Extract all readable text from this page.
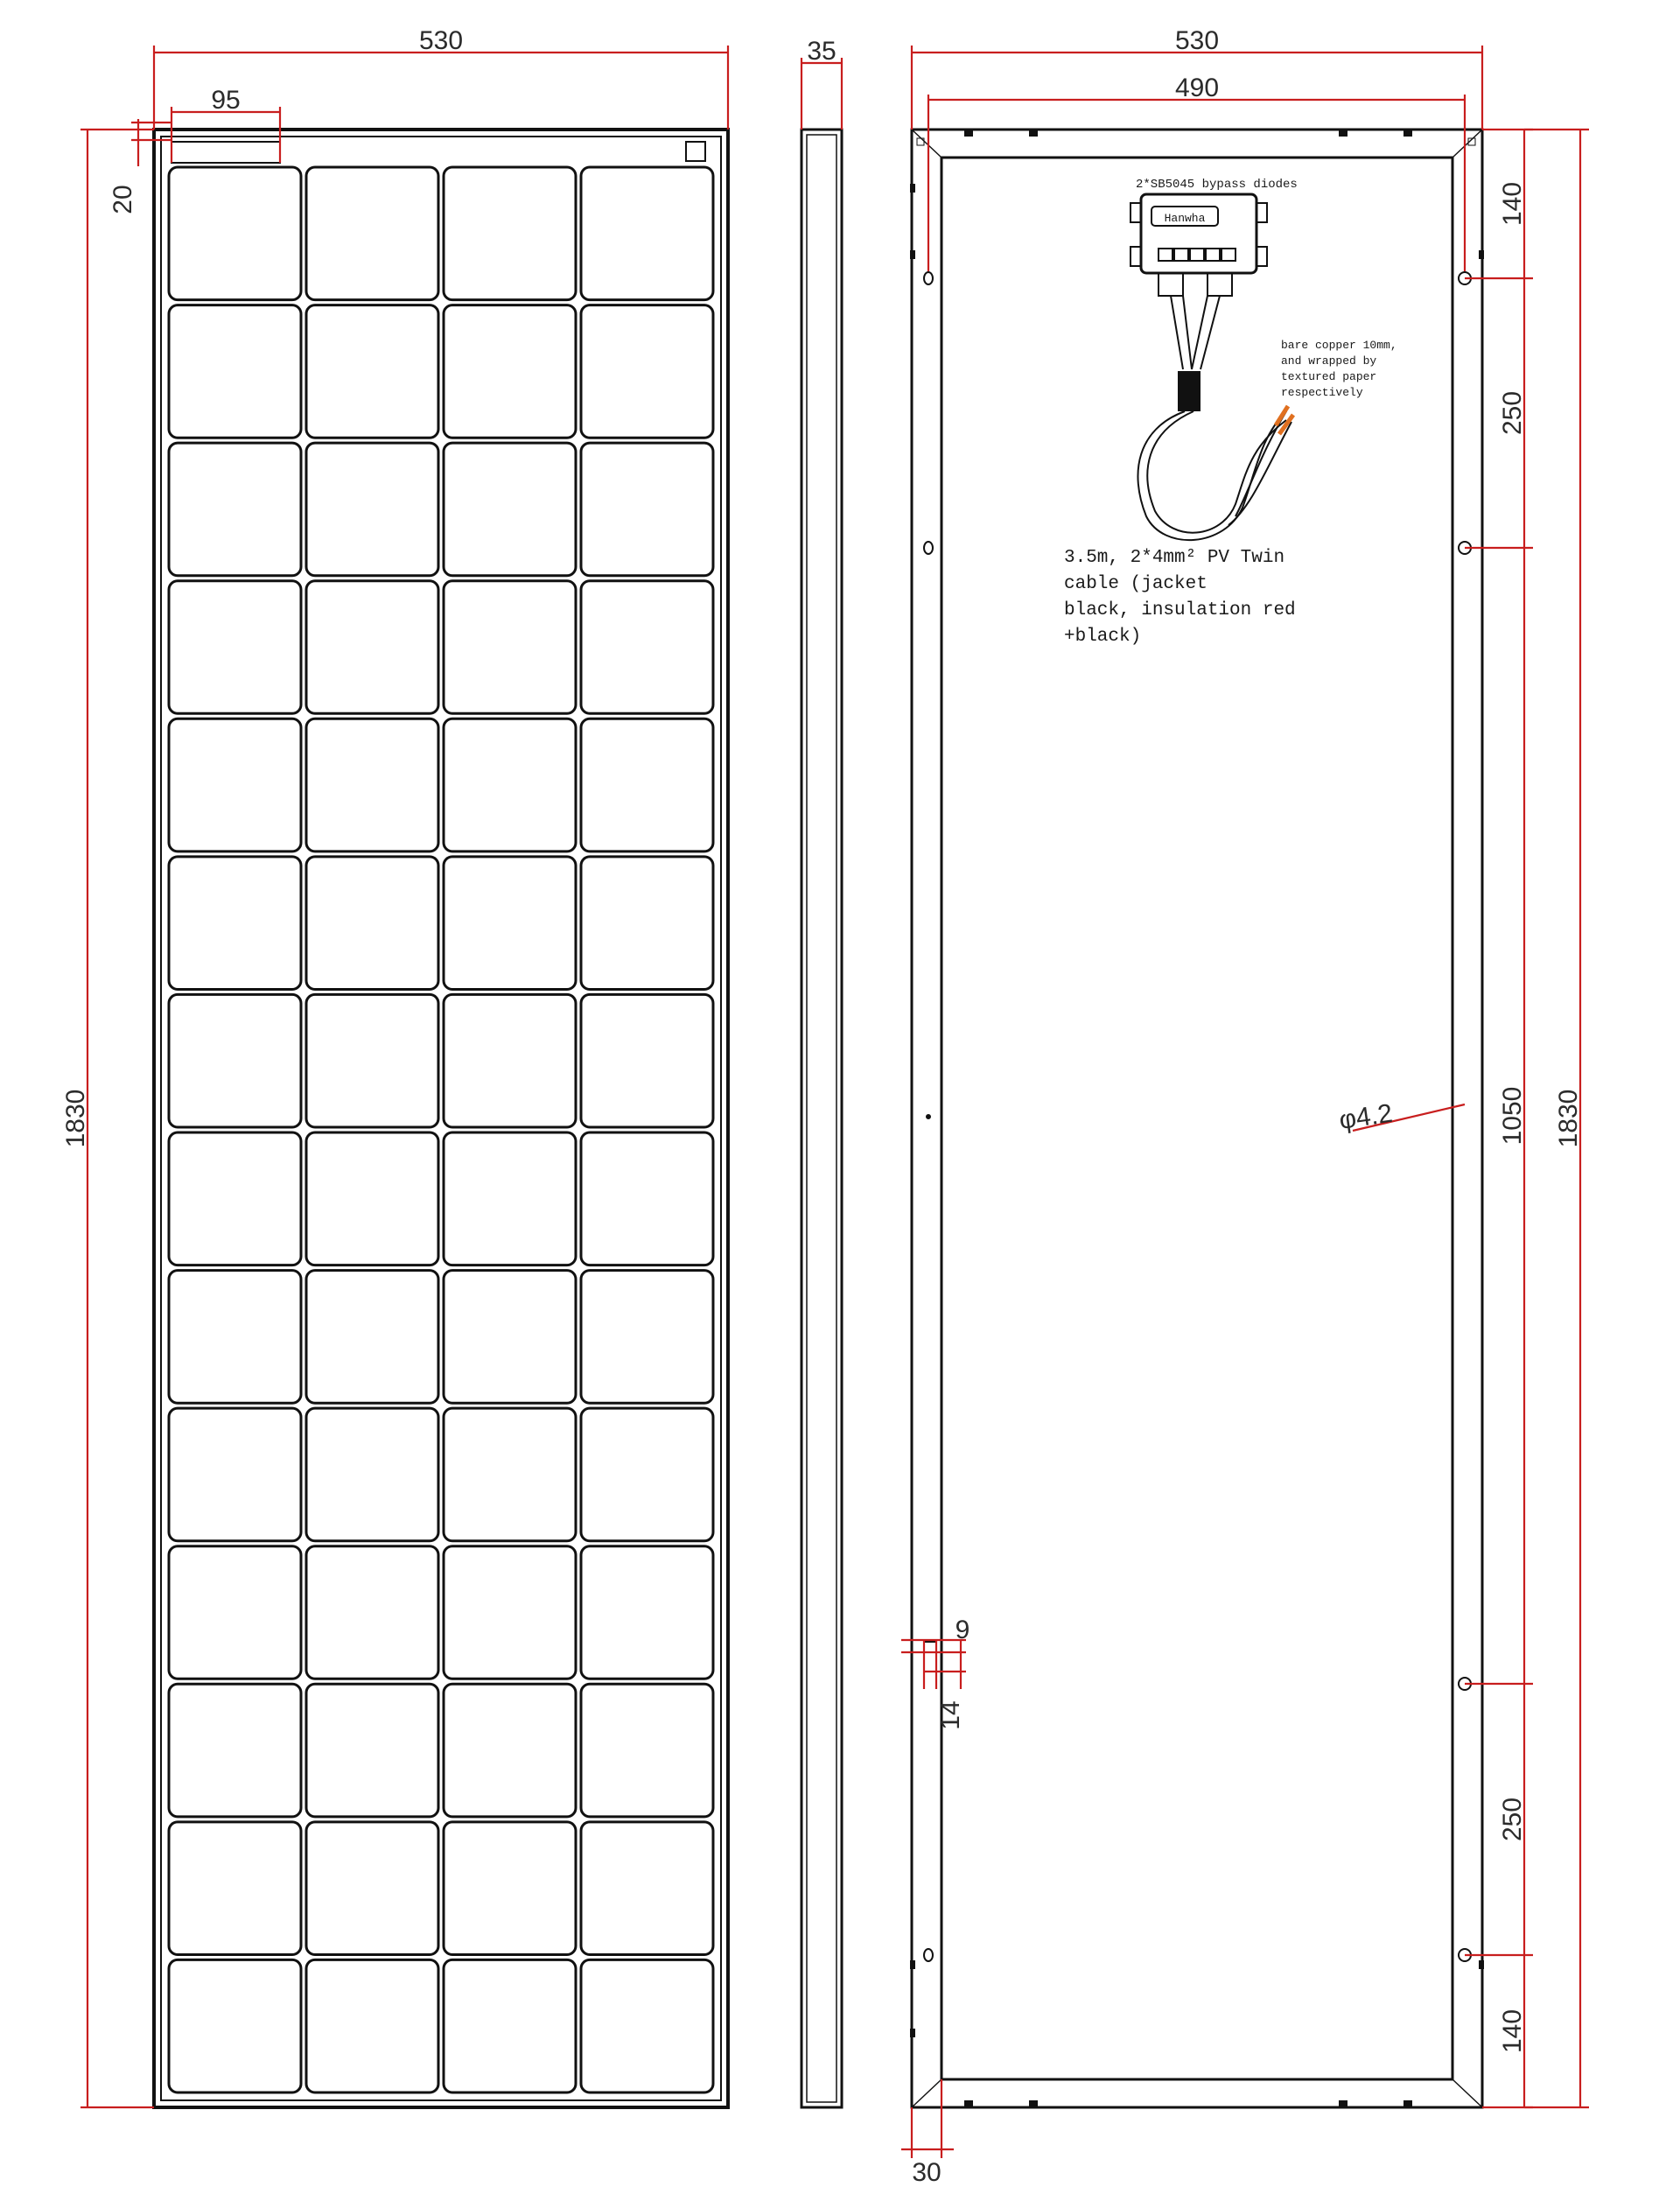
530
95
20
1830
35	530
490
140
250
1050
250
140
1830
30
φ4.2
9
14
Hanwha
2*SB5045 bypass diodes
bare copper 10mm,
and wrapped by
textured paper
respectively
3.5m, 2*4mm² PV Twin
cable (jacket
black, insulation red
+black)
